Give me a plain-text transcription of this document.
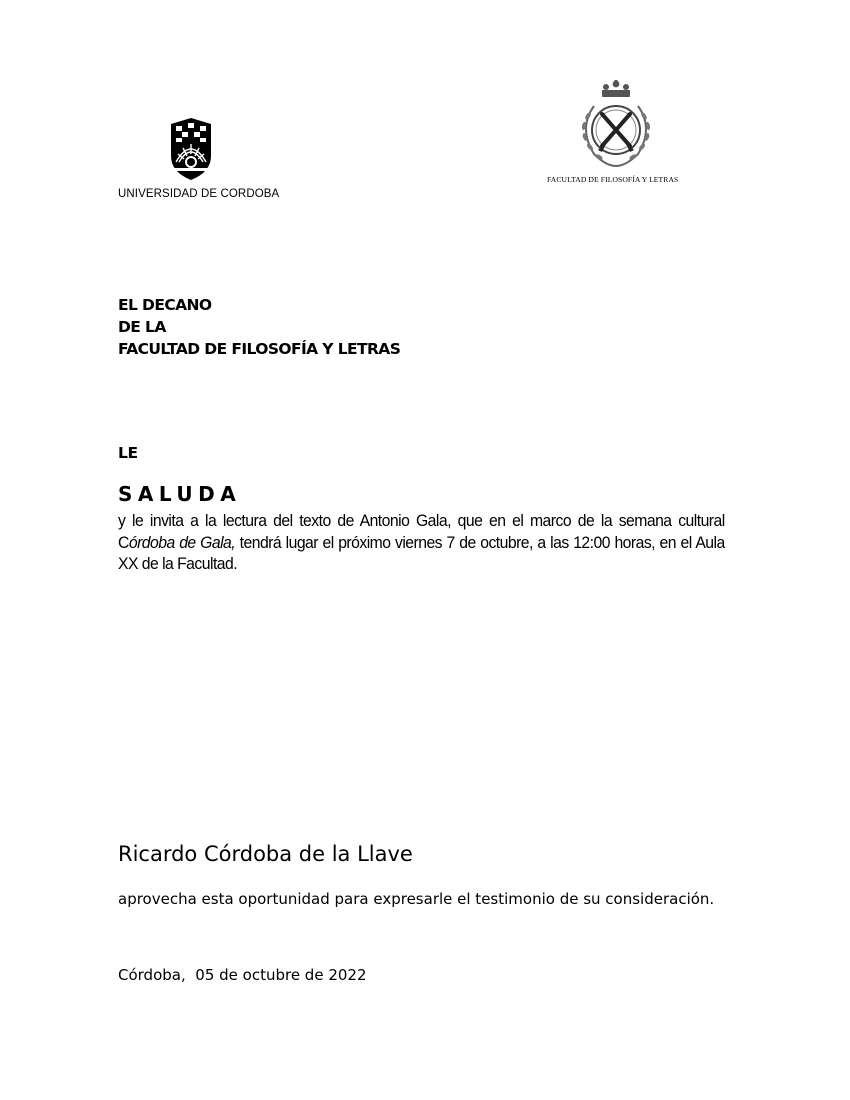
UNIVERSIDAD DE CORDOBA
FACULTAD DE FILOSOFÍA Y LETRAS
EL DECANO
DE LA
FACULTAD DE FILOSOFÍA Y LETRAS
LE
SALUDA
y le invita a la lectura del texto de Antonio Gala, que en el marco de la semana cultural Córdoba de Gala, tendrá lugar el próximo viernes 7 de octubre, a las 12:00 horas, en el Aula XX de la Facultad.
Ricardo Córdoba de la Llave
aprovecha esta oportunidad para expresarle el testimonio de su consideración.
Córdoba,  05 de octubre de 2022
